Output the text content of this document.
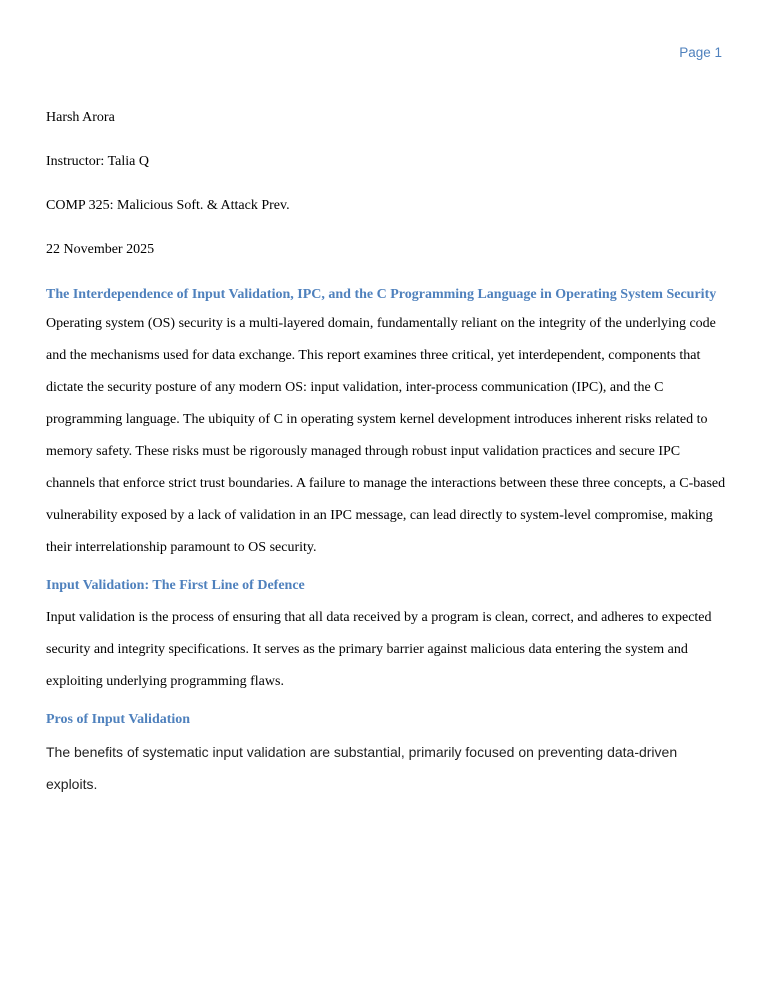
Page 1

Harsh Arora

Instructor: Talia Q

COMP 325: Malicious Soft. & Attack Prev.

22 November 2025

The Interdependence of Input Validation, IPC, and the C Programming Language in Operating System Security

Operating system (OS) security is a multi-layered domain, fundamentally reliant on the integrity of the underlying code and the mechanisms used for data exchange. This report examines three critical, yet interdependent, components that dictate the security posture of any modern OS: input validation, inter-process communication (IPC), and the C programming language. The ubiquity of C in operating system kernel development introduces inherent risks related to memory safety. These risks must be rigorously managed through robust input validation practices and secure IPC channels that enforce strict trust boundaries. A failure to manage the interactions between these three concepts, a C-based vulnerability exposed by a lack of validation in an IPC message, can lead directly to system-level compromise, making their interrelationship paramount to OS security.

Input Validation: The First Line of Defence

Input validation is the process of ensuring that all data received by a program is clean, correct, and adheres to expected security and integrity specifications. It serves as the primary barrier against malicious data entering the system and exploiting underlying programming flaws.

Pros of Input Validation

The benefits of systematic input validation are substantial, primarily focused on preventing data-driven exploits.
